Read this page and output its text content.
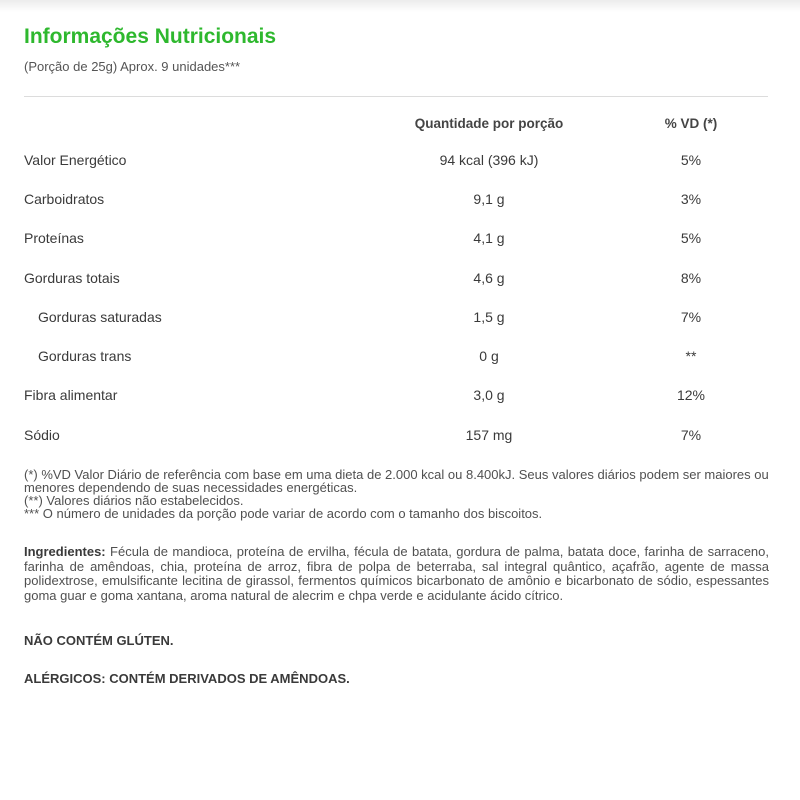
Informações Nutricionais
(Porção de 25g) Aprox. 9 unidades***
	Quantidade por porção	% VD (*)
Valor Energético	94 kcal (396 kJ)	5%
Carboidratos	9,1 g	3%
Proteínas	4,1 g	5%
Gorduras totais	4,6 g	8%
Gorduras saturadas	1,5 g	7%
Gorduras trans	0 g	**
Fibra alimentar	3,0 g	12%
Sódio	157 mg	7%
(*) %VD Valor Diário de referência com base em uma dieta de 2.000 kcal ou 8.400kJ. Seus valores diários podem ser maiores ou menores dependendo de suas necessidades energéticas.
(**) Valores diários não estabelecidos.
*** O número de unidades da porção pode variar de acordo com o tamanho dos biscoitos.
Ingredientes: Fécula de mandioca, proteína de ervilha, fécula de batata, gordura de palma, batata doce, farinha de sarraceno, farinha de amêndoas, chia, proteína de arroz, fibra de polpa de beterraba, sal integral quântico, açafrão, agente de massa polidextrose, emulsificante lecitina de girassol, fermentos químicos bicarbonato de amônio e bicarbonato de sódio, espessantes goma guar e goma xantana, aroma natural de alecrim e chpa verde e acidulante ácido cítrico.
NÃO CONTÉM GLÚTEN.
ALÉRGICOS: CONTÉM DERIVADOS DE AMÊNDOAS.
